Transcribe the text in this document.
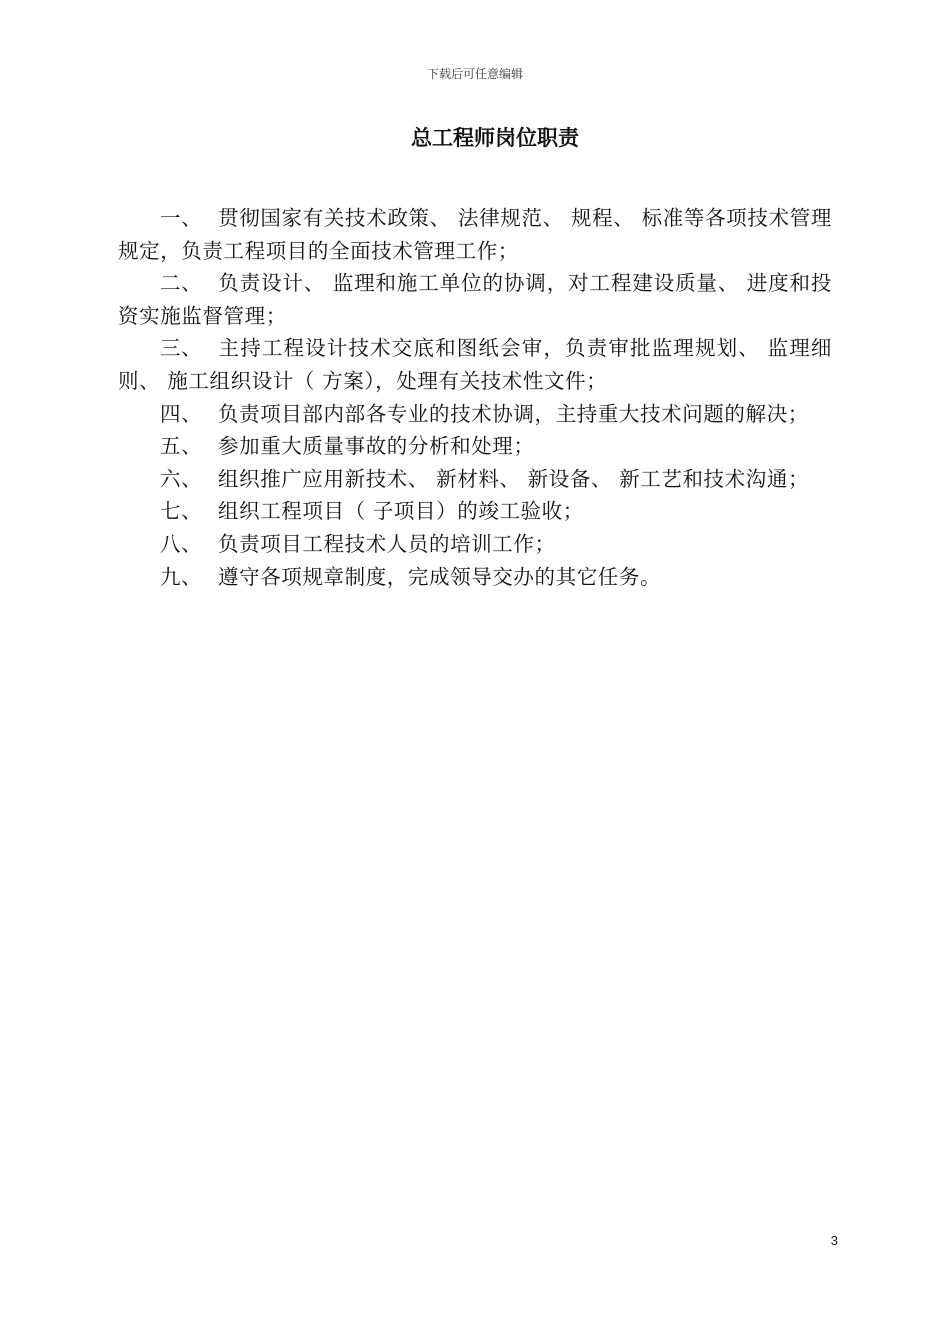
下载后可任意编辑
总工程师岗位职责

一、 贯彻国家有关技术政策、 法律规范、 规程、 标准等各项技术管理规定，负责工程项目的全面技术管理工作；

二、 负责设计、 监理和施工单位的协调，对工程建设质量、 进度和投资实施监督管理；

三、 主持工程设计技术交底和图纸会审，负责审批监理规划、 监理细则、 施工组织设计（ 方案），处理有关技术性文件；

四、 负责项目部内部各专业的技术协调，主持重大技术问题的解决；

五、 参加重大质量事故的分析和处理；

六、 组织推广应用新技术、 新材料、 新设备、 新工艺和技术沟通；

七、 组织工程项目（ 子项目）的竣工验收；

八、 负责项目工程技术人员的培训工作；

九、 遵守各项规章制度，完成领导交办的其它任务。

3
